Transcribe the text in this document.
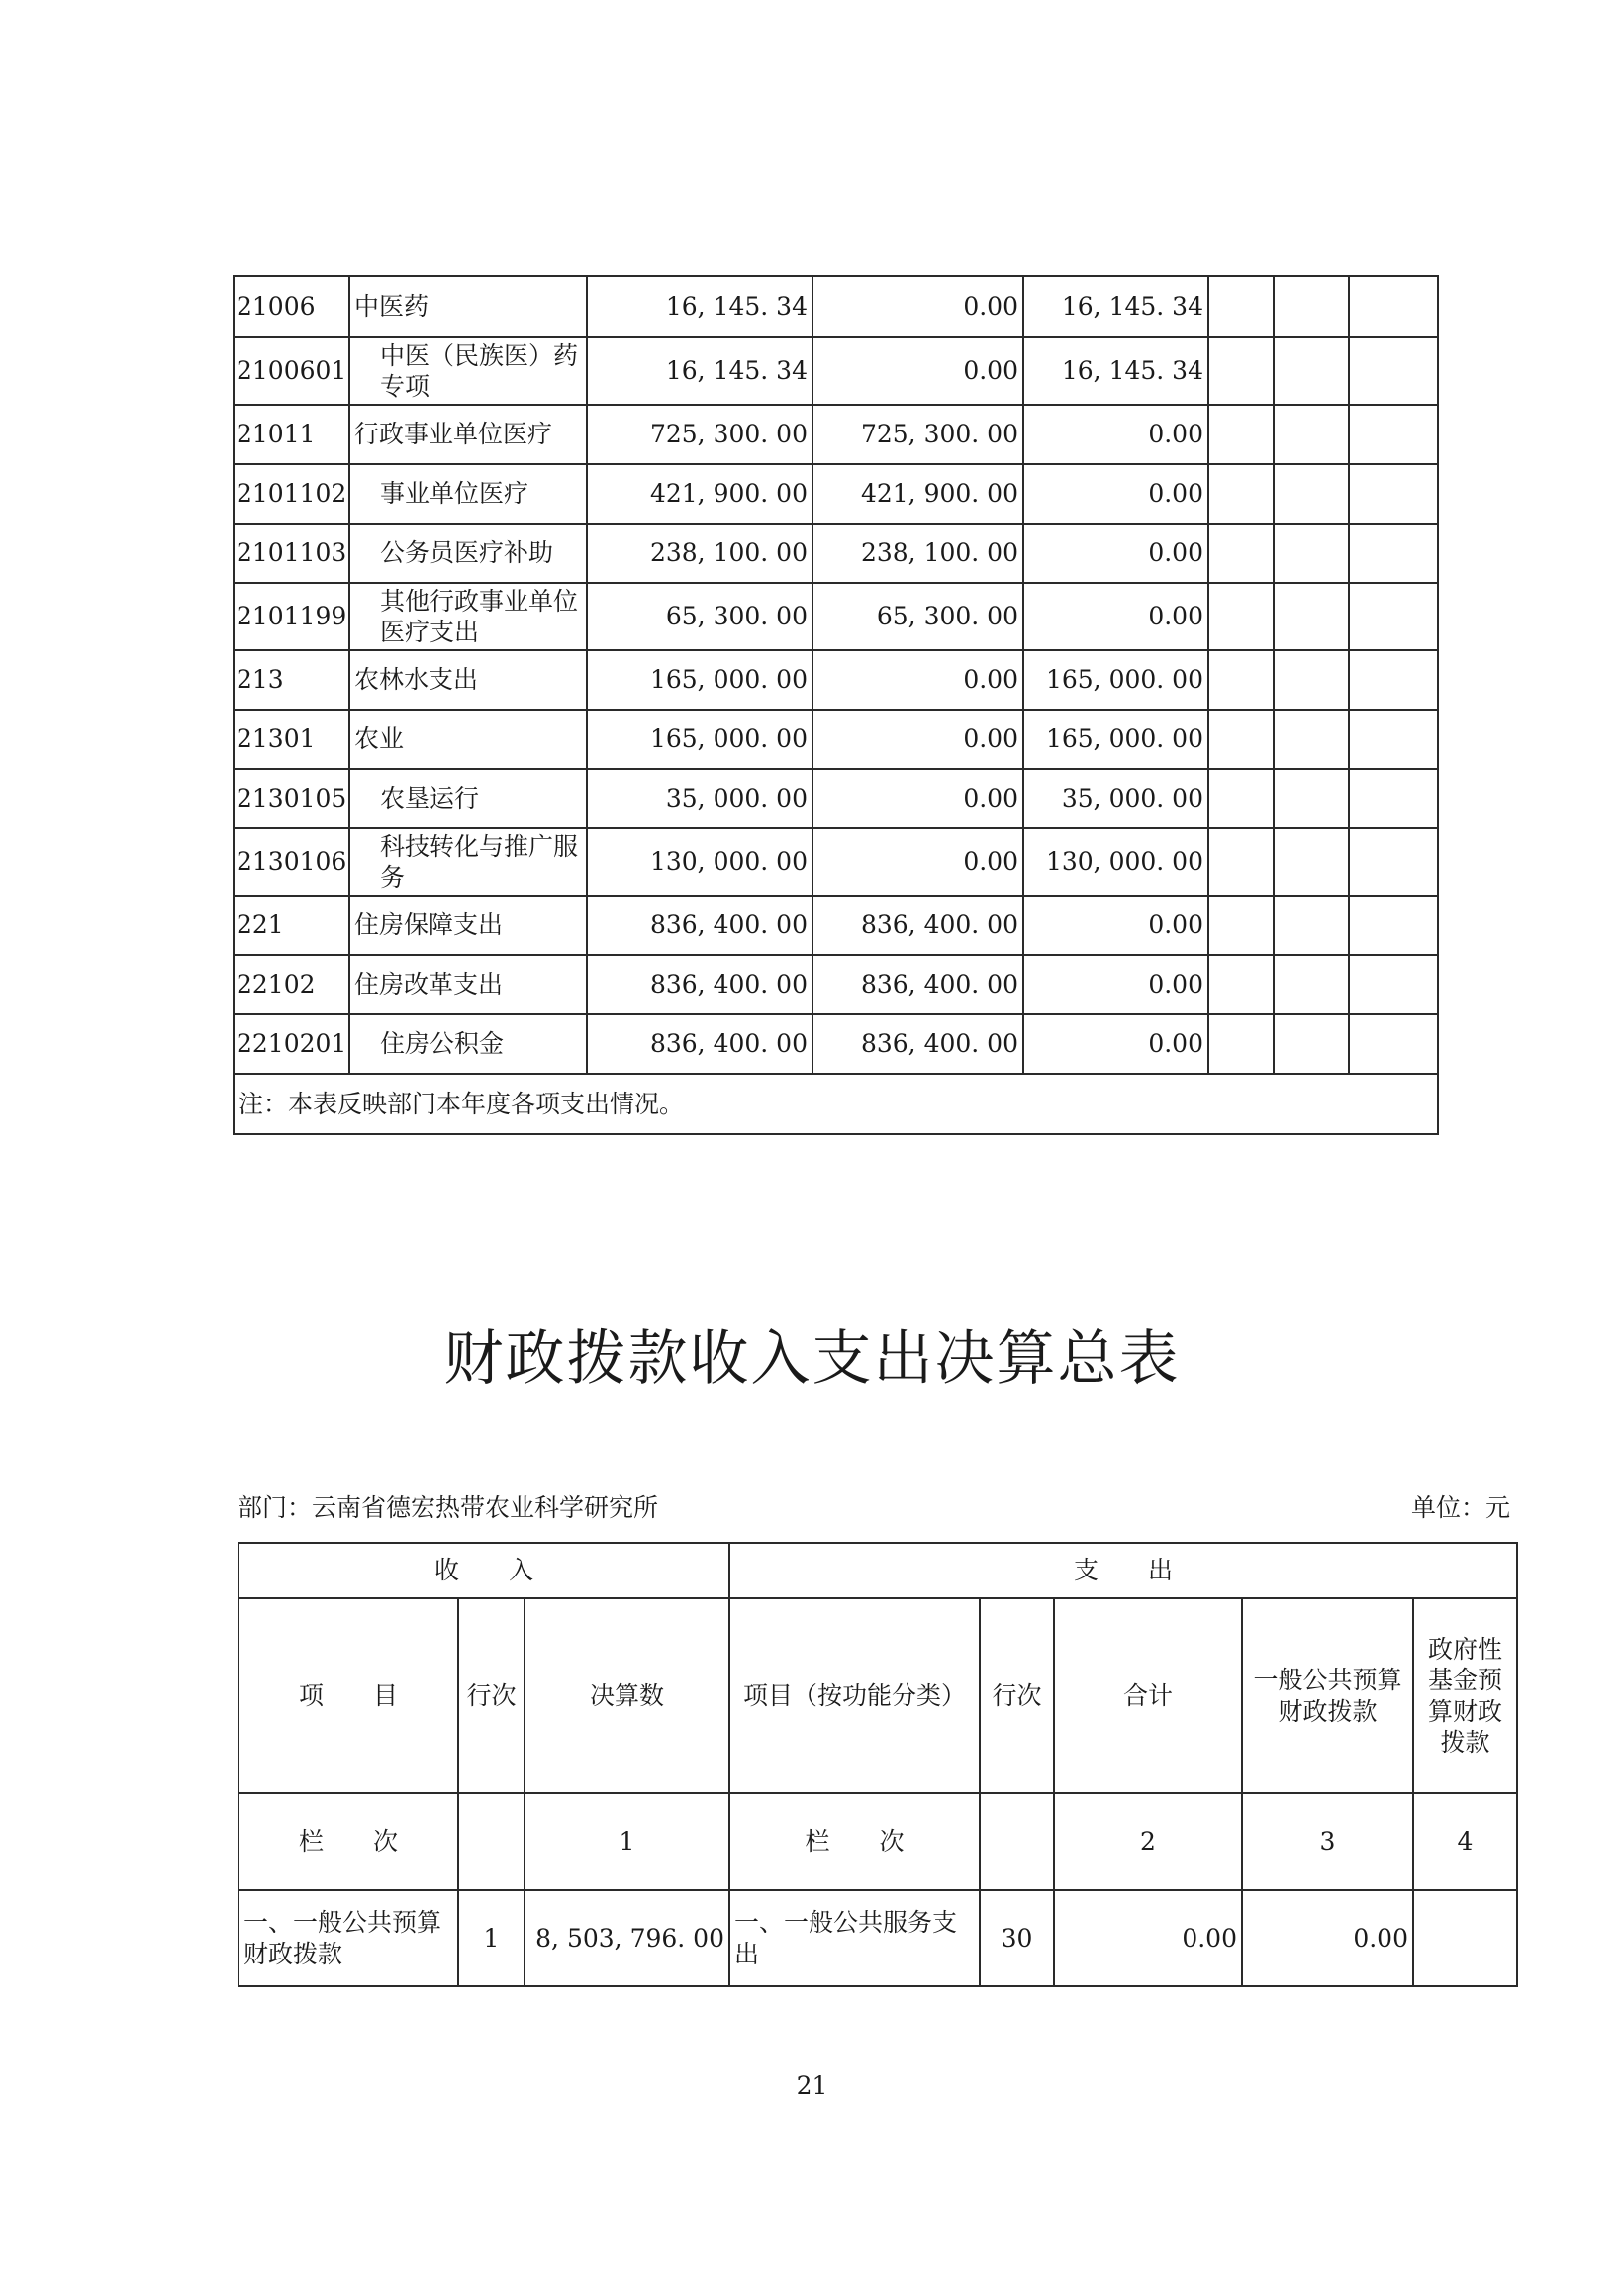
21006	中医药	16, 145. 34	0.00	16, 145. 34			
2100601	中医（民族医）药专项	16, 145. 34	0.00	16, 145. 34			
21011	行政事业单位医疗	725, 300. 00	725, 300. 00	0.00			
2101102	事业单位医疗	421, 900. 00	421, 900. 00	0.00			
2101103	公务员医疗补助	238, 100. 00	238, 100. 00	0.00			
2101199	其他行政事业单位医疗支出	65, 300. 00	65, 300. 00	0.00			
213	农林水支出	165, 000. 00	0.00	165, 000. 00			
21301	农业	165, 000. 00	0.00	165, 000. 00			
2130105	农垦运行	35, 000. 00	0.00	35, 000. 00			
2130106	科技转化与推广服务	130, 000. 00	0.00	130, 000. 00			
221	住房保障支出	836, 400. 00	836, 400. 00	0.00			
22102	住房改革支出	836, 400. 00	836, 400. 00	0.00			
2210201	住房公积金	836, 400. 00	836, 400. 00	0.00			
注：本表反映部门本年度各项支出情况。							
财政拨款收入支出决算总表
部门：云南省德宏热带农业科学研究所	单位：元
收　　入			支　　出				
项　　目	行次	决算数	项目（按功能分类）	行次	合计	一般公共预算财政拨款	政府性基金预算财政拨款
栏　　次		1	栏　　次		2	3	4
一、一般公共预算财政拨款	1	8, 503, 796. 00	一、一般公共服务支出	30	0.00	0.00	
21
